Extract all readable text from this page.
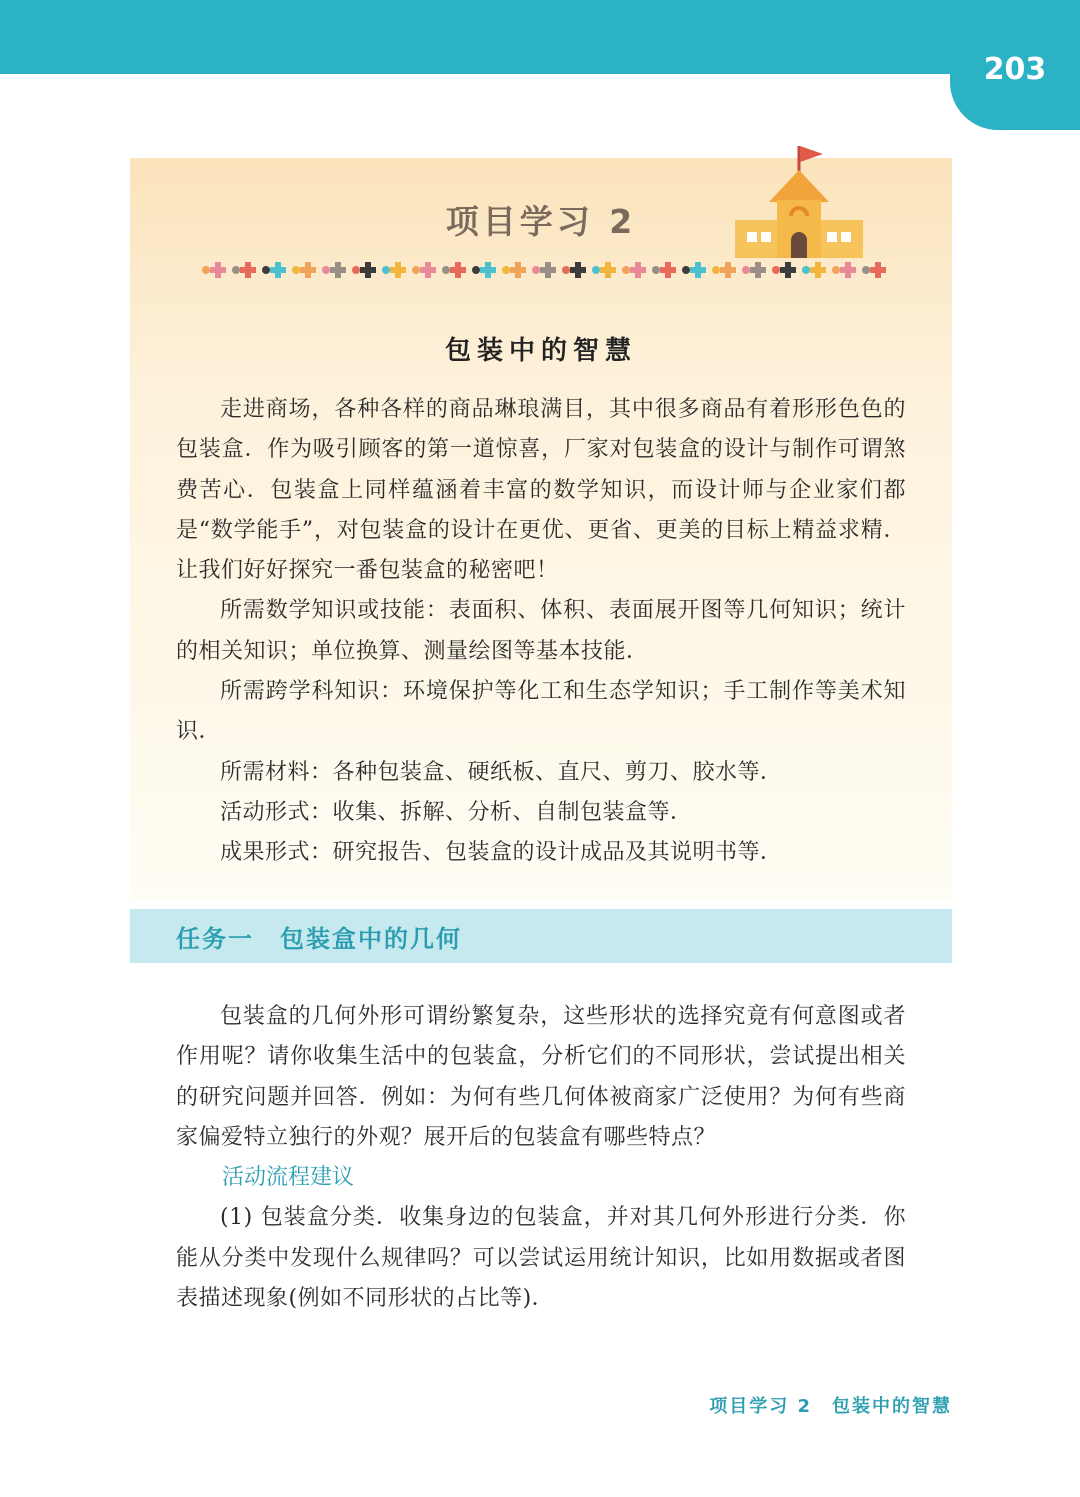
203
项目学习 2
包装中的智慧

走进商场，各种各样的商品琳琅满目，其中很多商品有着形形色色的包装盒．作为吸引顾客的第一道惊喜，厂家对包装盒的设计与制作可谓煞费苦心．包装盒上同样蕴涵着丰富的数学知识，而设计师与企业家们都是“数学能手”，对包装盒的设计在更优、更省、更美的目标上精益求精．让我们好好探究一番包装盒的秘密吧！

所需数学知识或技能：表面积、体积、表面展开图等几何知识；统计的相关知识；单位换算、测量绘图等基本技能．

所需跨学科知识：环境保护等化工和生态学知识；手工制作等美术知识．

所需材料：各种包装盒、硬纸板、直尺、剪刀、胶水等．

活动形式：收集、拆解、分析、自制包装盒等．

成果形式：研究报告、包装盒的设计成品及其说明书等．

任务一　包装盒中的几何

包装盒的几何外形可谓纷繁复杂，这些形状的选择究竟有何意图或者作用呢？请你收集生活中的包装盒，分析它们的不同形状，尝试提出相关的研究问题并回答．例如：为何有些几何体被商家广泛使用？为何有些商家偏爱特立独行的外观？展开后的包装盒有哪些特点？

活动流程建议

(1) 包装盒分类．收集身边的包装盒，并对其几何外形进行分类．你能从分类中发现什么规律吗？可以尝试运用统计知识，比如用数据或者图表描述现象(例如不同形状的占比等)．

项目学习 2　包装中的智慧
